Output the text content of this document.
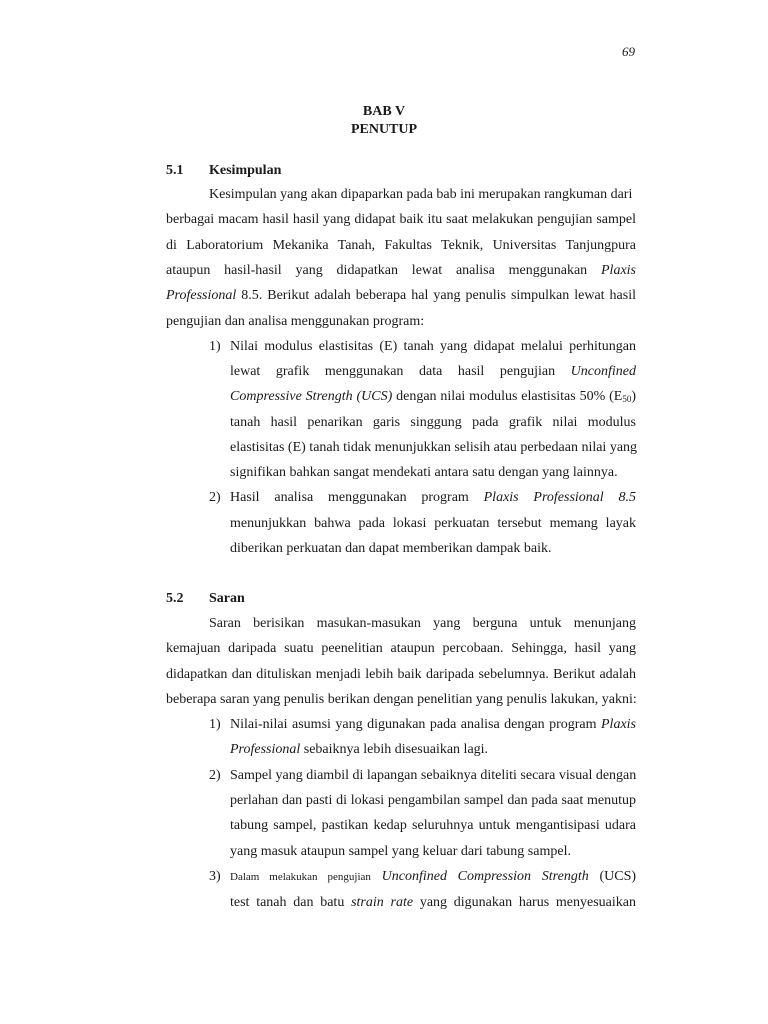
69
BAB V
PENUTUP
5.1 Kesimpulan
Kesimpulan yang akan dipaparkan pada bab ini merupakan rangkuman dari
berbagai macam hasil hasil yang didapat baik itu saat melakukan pengujian sampel
di Laboratorium Mekanika Tanah, Fakultas Teknik, Universitas Tanjungpura
ataupun hasil-hasil yang didapatkan lewat analisa menggunakan Plaxis
Professional 8.5. Berikut adalah beberapa hal yang penulis simpulkan lewat hasil
pengujian dan analisa menggunakan program:
1) Nilai modulus elastisitas (E) tanah yang didapat melalui perhitungan
lewat grafik menggunakan data hasil pengujian Unconfined
Compressive Strength (UCS) dengan nilai modulus elastisitas 50% $(E_{50})$
tanah hasil penarikan garis singgung pada grafik nilai modulus
elastisitas (E) tanah tidak menunjukkan selisih atau perbedaan nilai yang
signifikan bahkan sangat mendekati antara satu dengan yang lainnya.
2) Hasil analisa menggunakan program Plaxis Professional 8.5
menunjukkan bahwa pada lokasi perkuatan tersebut memang layak
diberikan perkuatan dan dapat memberikan dampak baik.
5.2 Saran
Saran berisikan masukan-masukan yang berguna untuk menunjang
kemajuan daripada suatu peenelitian ataupun percobaan. Sehingga, hasil yang
didapatkan dan dituliskan menjadi lebih baik daripada sebelumnya. Berikut adalah
beberapa saran yang penulis berikan dengan penelitian yang penulis lakukan, yakni:
1) Nilai-nilai asumsi yang digunakan pada analisa dengan program Plaxis
Professional sebaiknya lebih disesuaikan lagi.
2) Sampel yang diambil di lapangan sebaiknya diteliti secara visual dengan
perlahan dan pasti di lokasi pengambilan sampel dan pada saat menutup
tabung sampel, pastikan kedap seluruhnya untuk mengantisipasi udara
yang masuk ataupun sampel yang keluar dari tabung sampel.
3) Dalam melakukan pengujian Unconfined Compression Strength (UCS)
test tanah dan batu strain rate yang digunakan harus menyesuaikan
